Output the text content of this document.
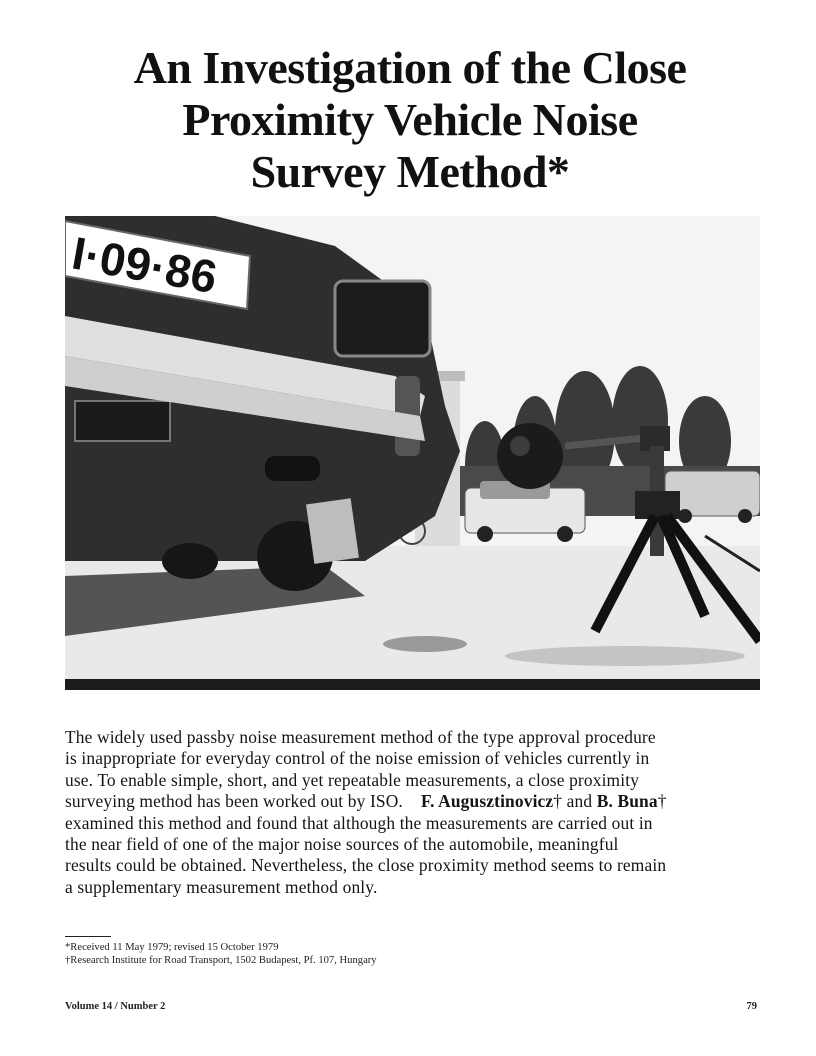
An Investigation of the Close
Proximity Vehicle Noise
Survey Method*
I·09·86
The widely used passby noise measurement method of the type approval procedure
is inappropriate for everyday control of the noise emission of vehicles currently in
use. To enable simple, short, and yet repeatable measurements, a close proximity
surveying method has been worked out by ISO. F. Augusztinovicz† and B. Buna†
examined this method and found that although the measurements are carried out in
the near field of one of the major noise sources of the automobile, meaningful
results could be obtained. Nevertheless, the close proximity method seems to remain
a supplementary measurement method only.
*Received 11 May 1979; revised 15 October 1979
†Research Institute for Road Transport, 1502 Budapest, Pf. 107, Hungary
Volume 14 / Number 2	79
